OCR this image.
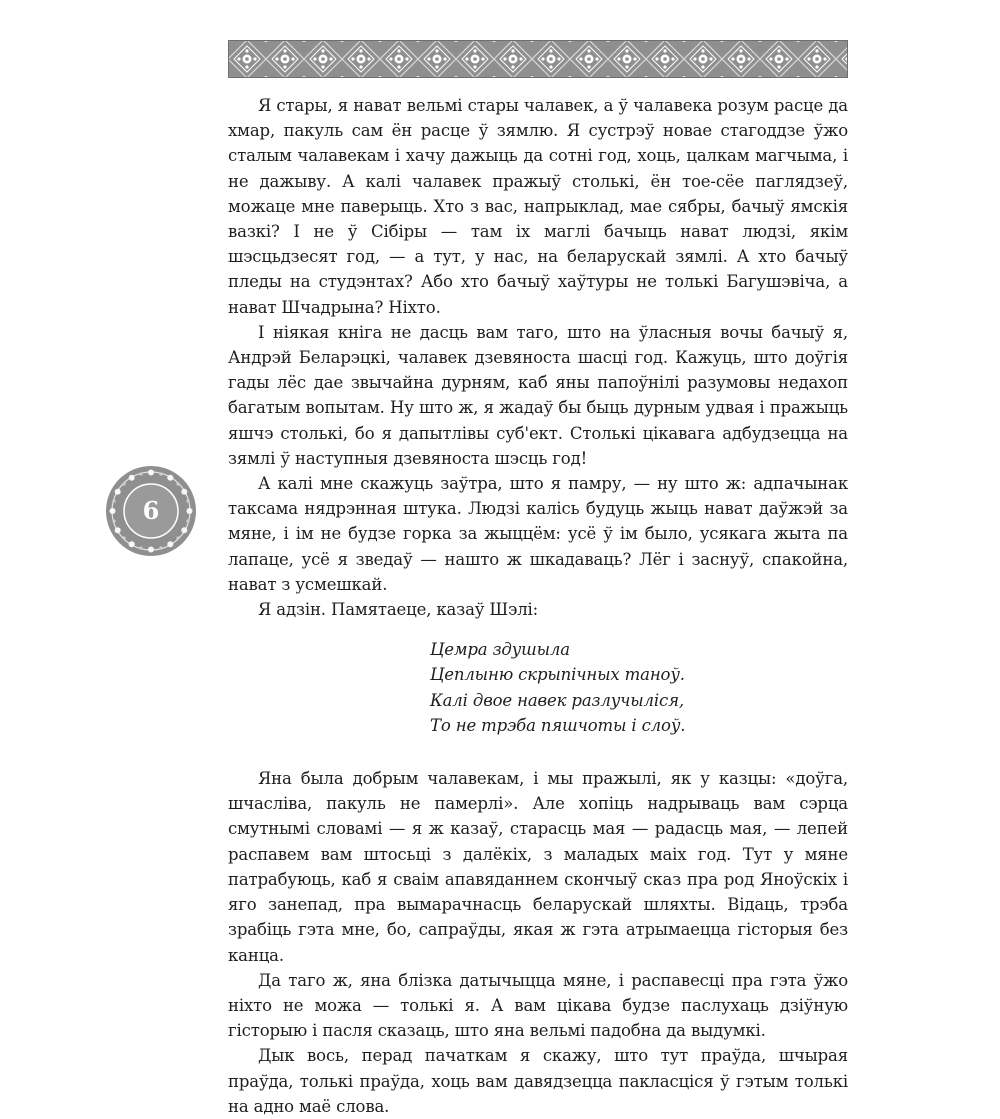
6

Я стары, я нават вельмі стары чалавек, а ў чалавека розум расце да хмар, пакуль сам ён расце ў зямлю. Я сустрэў новае стагоддзе ўжо сталым чалавекам і хачу дажыць да сотні год, хоць, цалкам магчыма, і не дажыву. А калі чалавек пражыў столькі, ён тое-сёе паглядзеў, можаце мне паверыць. Хто з вас, напрыклад, мае сябры, бачыў ямскія вазкі? І не ў Сібіры — там іх маглі бачыць нават людзі, якім шэсцьдзесят год, — а тут, у нас, на беларускай зямлі. А хто бачыў пледы на студэнтах? Або хто бачыў хаўтуры не толькі Багушэвіча, а нават Шчадрына? Ніхто.

І ніякая кніга не дасць вам таго, што на ўласныя вочы бачыў я, Андрэй Беларэцкі, чалавек дзевяноста шасці год. Кажуць, што доўгія гады лёс дае звычайна дурням, каб яны папоўнілі разумовы недахоп багатым вопытам. Ну што ж, я жадаў бы быць дурным удвая і пражыць яшчэ столькі, бо я дапытлівы суб'ект. Столькі цікавага адбудзецца на зямлі ў наступныя дзевяноста шэсць год!

А калі мне скажуць заўтра, што я памру, — ну што ж: адпачынак таксама нядрэнная штука. Людзі калісь будуць жыць нават даўжэй за мяне, і ім не будзе горка за жыццём: усё ў ім было, усякага жыта па лапаце, усё я зведаў — нашто ж шкадаваць? Лёг і заснуў, спакойна, нават з усмешкай.

Я адзін. Памятаеце, казаў Шэлі:

Цемра здушыла
Цеплыню скрыпічных таноў.
Калі двое навек разлучыліся,
То не трэба пяшчоты і слоў.

Яна была добрым чалавекам, і мы пражылі, як у казцы: «доўга, шчаслівa, пакуль не памерлі». Але хопіць надрываць вам сэрца смутнымі словамі — я ж казаў, старасць мая — радасць мая, — лепей распавем вам штосьці з далёкіх, з маладых маіх год. Тут у мяне патрабуюць, каб я сваім апавяданнем скончыў сказ пра род Яноўскіх і яго занепад, пра вымарачнасць беларускай шляхты. Відаць, трэба зрабіць гэта мне, бо, сапраўды, якая ж гэта атрымаецца гісторыя без канца.

Да таго ж, яна блізка датычыцца мяне, і распавесці пра гэта ўжо ніхто не можа — толькі я. А вам цікава будзе паслухаць дзіўную гісторыю і пасля сказаць, што яна вельмі падобна да выдумкі.

Дык вось, перад пачаткам я скажу, што тут праўда, шчырая праўда, толькі праўда, хоць вам давядзецца паклaсціся ў гэтым толькі на адно маё слова.
